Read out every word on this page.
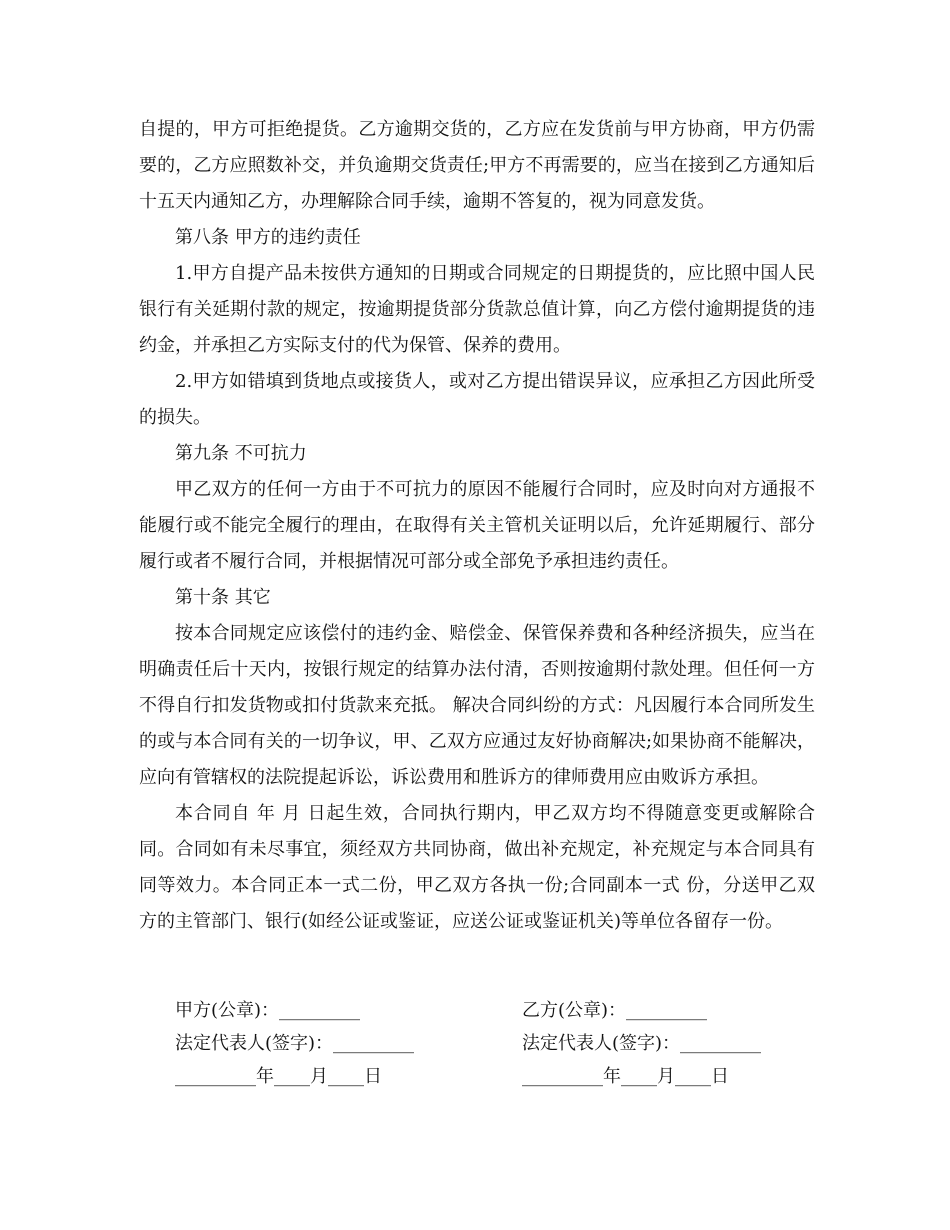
自提的，甲方可拒绝提货。乙方逾期交货的，乙方应在发货前与甲方协商，甲方仍需要的，乙方应照数补交，并负逾期交货责任;甲方不再需要的，应当在接到乙方通知后十五天内通知乙方，办理解除合同手续，逾期不答复的，视为同意发货。

第八条 甲方的违约责任

1.甲方自提产品未按供方通知的日期或合同规定的日期提货的，应比照中国人民银行有关延期付款的规定，按逾期提货部分货款总值计算，向乙方偿付逾期提货的违约金，并承担乙方实际支付的代为保管、保养的费用。

2.甲方如错填到货地点或接货人，或对乙方提出错误异议，应承担乙方因此所受的损失。

第九条 不可抗力

甲乙双方的任何一方由于不可抗力的原因不能履行合同时，应及时向对方通报不能履行或不能完全履行的理由，在取得有关主管机关证明以后，允许延期履行、部分履行或者不履行合同，并根据情况可部分或全部免予承担违约责任。

第十条 其它

按本合同规定应该偿付的违约金、赔偿金、保管保养费和各种经济损失，应当在明确责任后十天内，按银行规定的结算办法付清，否则按逾期付款处理。但任何一方不得自行扣发货物或扣付货款来充抵。 解决合同纠纷的方式：凡因履行本合同所发生的或与本合同有关的一切争议，甲、乙双方应通过友好协商解决;如果协商不能解决，应向有管辖权的法院提起诉讼，诉讼费用和胜诉方的律师费用应由败诉方承担。

本合同自 年 月 日起生效，合同执行期内，甲乙双方均不得随意变更或解除合同。合同如有未尽事宜，须经双方共同协商，做出补充规定，补充规定与本合同具有同等效力。本合同正本一式二份，甲乙双方各执一份;合同副本一式 份，分送甲乙双方的主管部门、银行(如经公证或鉴证，应送公证或鉴证机关)等单位各留存一份。

甲方(公章)：_________	乙方(公章)：_________
法定代表人(签字)：_________	法定代表人(签字)：_________
_________年____月____日	_________年____月____日
